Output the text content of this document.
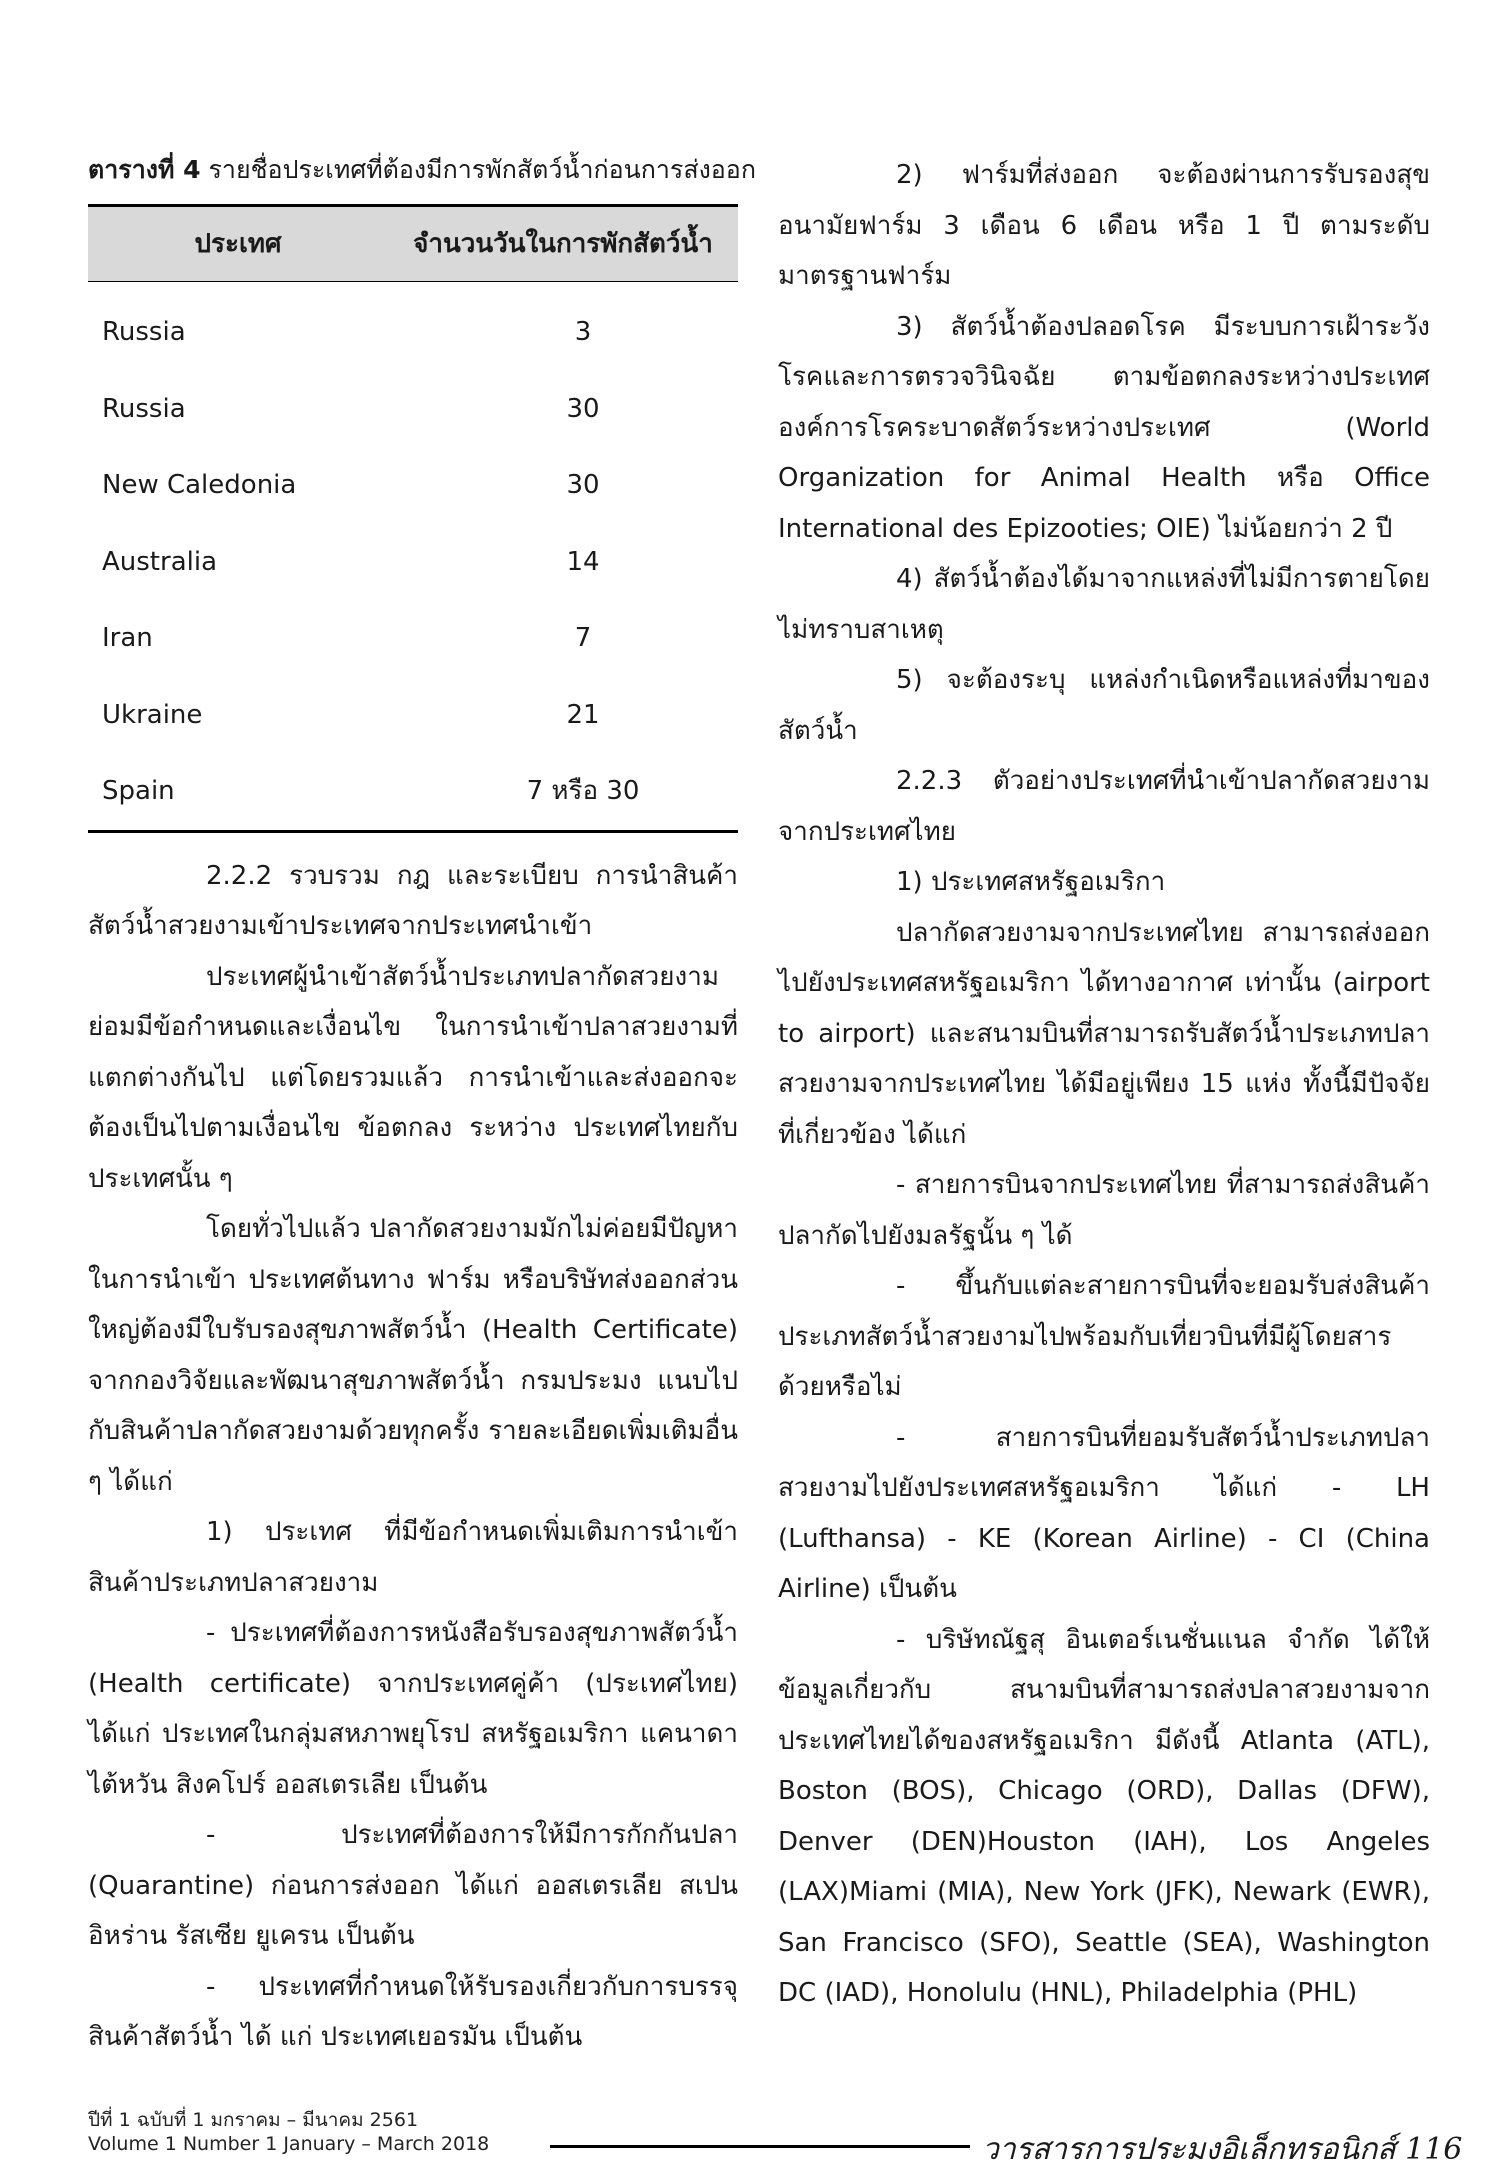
ตารางที่ 4 รายชื่อประเทศที่ต้องมีการพักสัตว์น้ำก่อนการส่งออก
ประเทศ	จำนวนวันในการพักสัตว์น้ำ
Russia	3
Russia	30
New Caledonia	30
Australia	14
Iran	7
Ukraine	21
Spain	7 หรือ 30

2.2.2 รวบรวม กฎ และระเบียบ การนำสินค้าสัตว์น้ำสวยงามเข้าประเทศจากประเทศนำเข้า

ประเทศผู้นำเข้าสัตว์น้ำประเภทปลากัดสวยงามย่อมมีข้อกำหนดและเงื่อนไข ในการนำเข้าปลาสวยงามที่แตกต่างกันไป แต่โดยรวมแล้ว การนำเข้าและส่งออกจะต้องเป็นไปตามเงื่อนไข ข้อตกลง ระหว่าง ประเทศไทยกับประเทศนั้น ๆ

โดยทั่วไปแล้ว ปลากัดสวยงามมักไม่ค่อยมีปัญหาในการนำเข้า ประเทศต้นทาง ฟาร์ม หรือบริษัทส่งออกส่วนใหญ่ต้องมีใบรับรองสุขภาพสัตว์น้ำ (Health Certificate) จากกองวิจัยและพัฒนาสุขภาพสัตว์น้ำ กรมประมง แนบไปกับสินค้าปลากัดสวยงามด้วยทุกครั้ง รายละเอียดเพิ่มเติมอื่น ๆ ได้แก่

1) ประเทศ ที่มีข้อกำหนดเพิ่มเติมการนำเข้าสินค้าประเภทปลาสวยงาม

- ประเทศที่ต้องการหนังสือรับรองสุขภาพสัตว์น้ำ (Health certificate) จากประเทศคู่ค้า (ประเทศไทย) ได้แก่ ประเทศในกลุ่มสหภาพยุโรป สหรัฐอเมริกา แคนาดา ไต้หวัน สิงคโปร์ ออสเตรเลีย เป็นต้น

- ประเทศที่ต้องการให้มีการกักกันปลา (Quarantine) ก่อนการส่งออก ได้แก่ ออสเตรเลีย สเปน อิหร่าน รัสเซีย ยูเครน เป็นต้น

- ประเทศที่กำหนดให้รับรองเกี่ยวกับการบรรจุสินค้าสัตว์น้ำ ได้ แก่ ประเทศเยอรมัน เป็นต้น

2) ฟาร์มที่ส่งออก จะต้องผ่านการรับรองสุขอนามัยฟาร์ม 3 เดือน 6 เดือน หรือ 1 ปี ตามระดับมาตรฐานฟาร์ม

3) สัตว์น้ำต้องปลอดโรค มีระบบการเฝ้าระวังโรคและการตรวจวินิจฉัย ตามข้อตกลงระหว่างประเทศ องค์การโรคระบาดสัตว์ระหว่างประเทศ (World Organization for Animal Health หรือ Office International des Epizooties; OIE) ไม่น้อยกว่า 2 ปี

4) สัตว์น้ำต้องได้มาจากแหล่งที่ไม่มีการตายโดยไม่ทราบสาเหตุ

5) จะต้องระบุ แหล่งกำเนิดหรือแหล่งที่มาของสัตว์น้ำ

2.2.3 ตัวอย่างประเทศที่นำเข้าปลากัดสวยงามจากประเทศไทย

1) ประเทศสหรัฐอเมริกา

ปลากัดสวยงามจากประเทศไทย สามารถส่งออกไปยังประเทศสหรัฐอเมริกา ได้ทางอากาศ เท่านั้น (airport to airport) และสนามบินที่สามารถรับสัตว์น้ำประเภทปลาสวยงามจากประเทศไทย ได้มีอยู่เพียง 15 แห่ง ทั้งนี้มีปัจจัยที่เกี่ยวข้อง ได้แก่

- สายการบินจากประเทศไทย ที่สามารถส่งสินค้าปลากัดไปยังมลรัฐนั้น ๆ ได้

- ขึ้นกับแต่ละสายการบินที่จะยอมรับส่งสินค้าประเภทสัตว์น้ำสวยงามไปพร้อมกับเที่ยวบินที่มีผู้โดยสารด้วยหรือไม่

- สายการบินที่ยอมรับสัตว์น้ำประเภทปลาสวยงามไปยังประเทศสหรัฐอเมริกา ได้แก่ - LH (Lufthansa) - KE (Korean Airline) - CI (China Airline) เป็นต้น

- บริษัทณัฐสุ อินเตอร์เนชั่นแนล จำกัด ได้ให้ข้อมูลเกี่ยวกับ สนามบินที่สามารถส่งปลาสวยงามจากประเทศไทยได้ของสหรัฐอเมริกา มีดังนี้ Atlanta (ATL), Boston (BOS), Chicago (ORD), Dallas (DFW), Denver (DEN)Houston (IAH), Los Angeles (LAX)Miami (MIA), New York (JFK), Newark (EWR), San Francisco (SFO), Seattle (SEA), Washington DC (IAD), Honolulu (HNL), Philadelphia (PHL)

ปีที่ 1 ฉบับที่ 1 มกราคม – มีนาคม 2561
Volume 1 Number 1 January – March 2018	วารสารการประมงอิเล็กทรอนิกส์ 116
